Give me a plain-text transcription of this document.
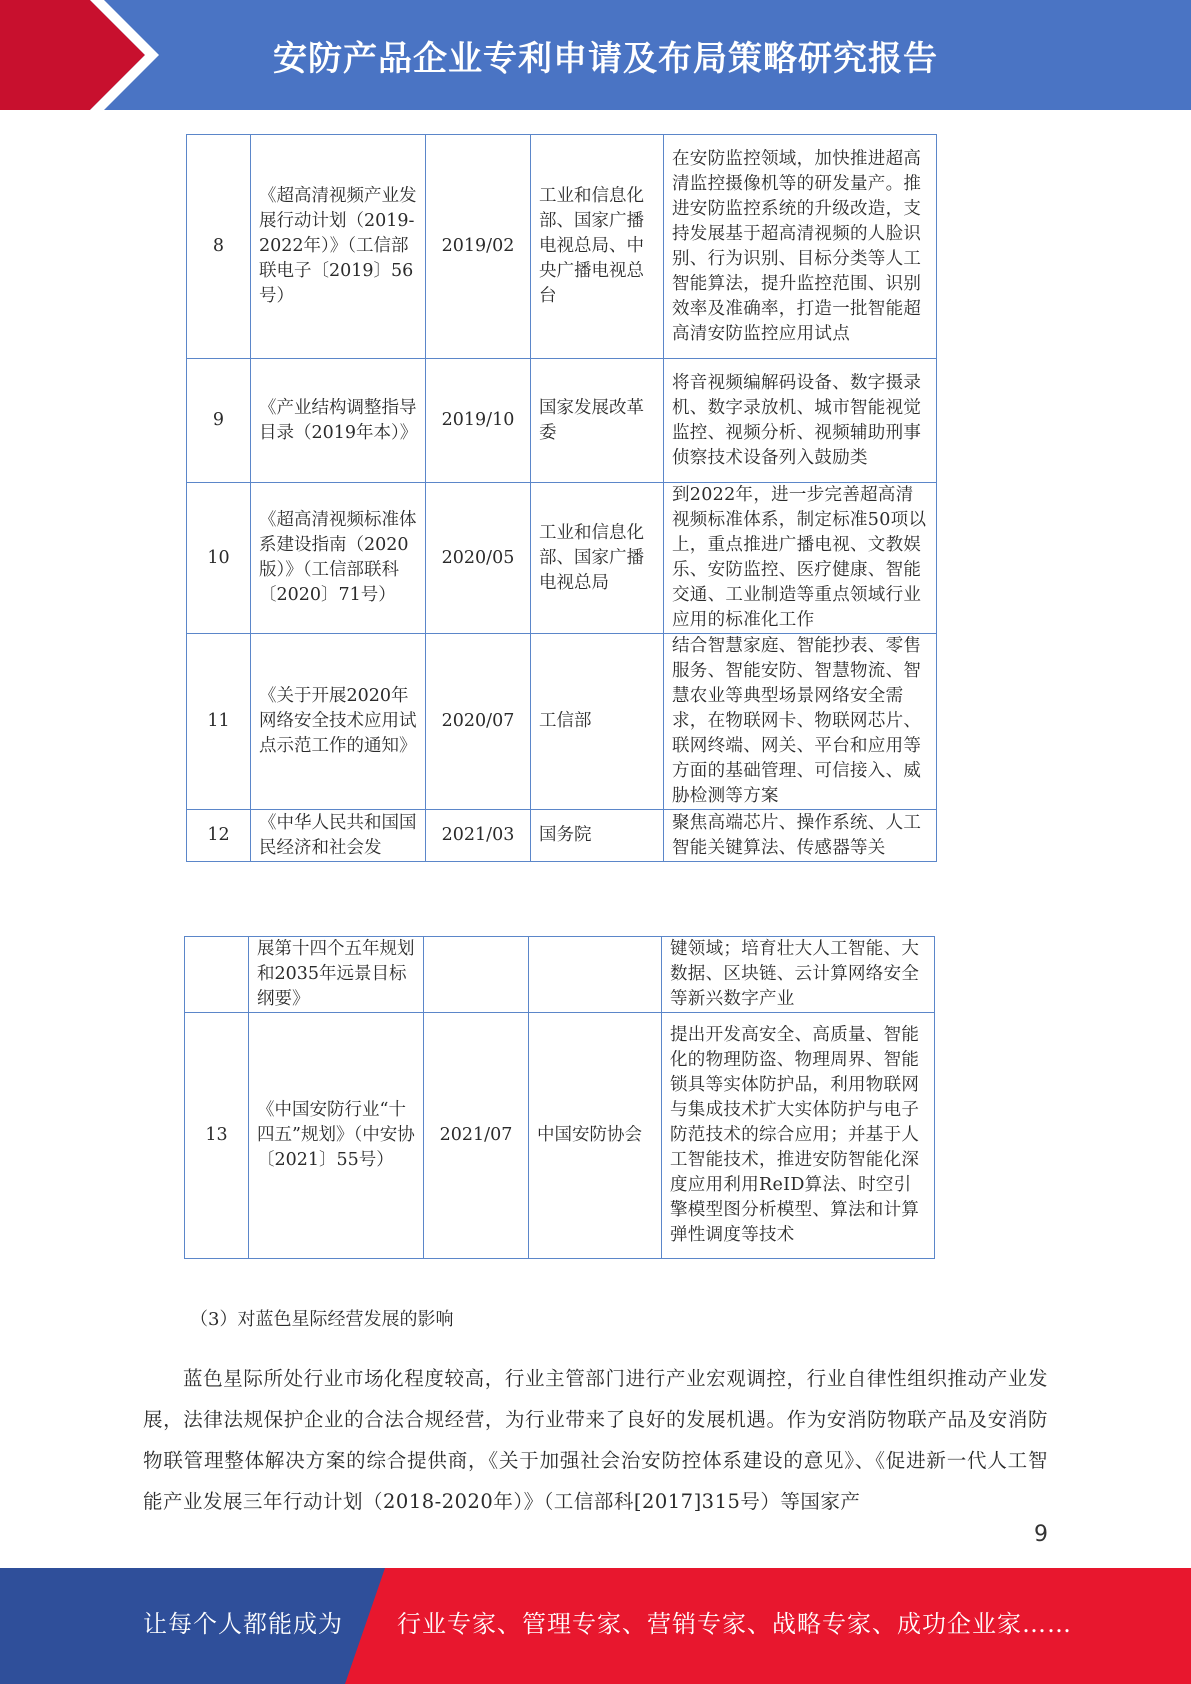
安防产品企业专利申请及布局策略研究报告
8	《超高清视频产业发展行动计划（2019-2022年）》（工信部联电子〔2019〕56号）	2019/02	工业和信息化部、国家广播电视总局、中央广播电视总台	在安防监控领域，加快推进超高清监控摄像机等的研发量产。推进安防监控系统的升级改造，支持发展基于超高清视频的人脸识别、行为识别、目标分类等人工智能算法，提升监控范围、识别效率及准确率，打造一批智能超高清安防监控应用试点
9	《产业结构调整指导目录（2019年本）》	2019/10	国家发展改革委	将音视频编解码设备、数字摄录机、数字录放机、城市智能视觉监控、视频分析、视频辅助刑事侦察技术设备列入鼓励类
10	《超高清视频标准体系建设指南（2020版）》（工信部联科〔2020〕71号）	2020/05	工业和信息化部、国家广播电视总局	到2022年，进一步完善超高清视频标准体系，制定标准50项以上，重点推进广播电视、文教娱乐、安防监控、医疗健康、智能交通、工业制造等重点领域行业应用的标准化工作
11	《关于开展2020年网络安全技术应用试点示范工作的通知》	2020/07	工信部	结合智慧家庭、智能抄表、零售服务、智能安防、智慧物流、智慧农业等典型场景网络安全需求，在物联网卡、物联网芯片、联网终端、网关、平台和应用等方面的基础管理、可信接入、威胁检测等方案
12	《中华人民共和国国民经济和社会发	2021/03	国务院	聚焦高端芯片、操作系统、人工智能关键算法、传感器等关
	展第十四个五年规划和2035年远景目标纲要》			键领域；培育壮大人工智能、大数据、区块链、云计算网络安全等新兴数字产业
13	《中国安防行业“十四五”规划》（中安协〔2021〕55号）	2021/07	中国安防协会	提出开发高安全、高质量、智能化的物理防盗、物理周界、智能锁具等实体防护品，利用物联网与集成技术扩大实体防护与电子防范技术的综合应用；并基于人工智能技术，推进安防智能化深度应用利用ReID算法、时空引擎模型图分析模型、算法和计算弹性调度等技术
（3）对蓝色星际经营发展的影响
蓝色星际所处行业市场化程度较高，行业主管部门进行产业宏观调控，行业自律性组织推动产业发展，法律法规保护企业的合法合规经营，为行业带来了良好的发展机遇。作为安消防物联产品及安消防物联管理整体解决方案的综合提供商，《关于加强社会治安防控体系建设的意见》、《促进新一代人工智能产业发展三年行动计划（2018-2020年）》（工信部科[2017]315号）等国家产
9
让每个人都能成为 行业专家、管理专家、营销专家、战略专家、成功企业家……
